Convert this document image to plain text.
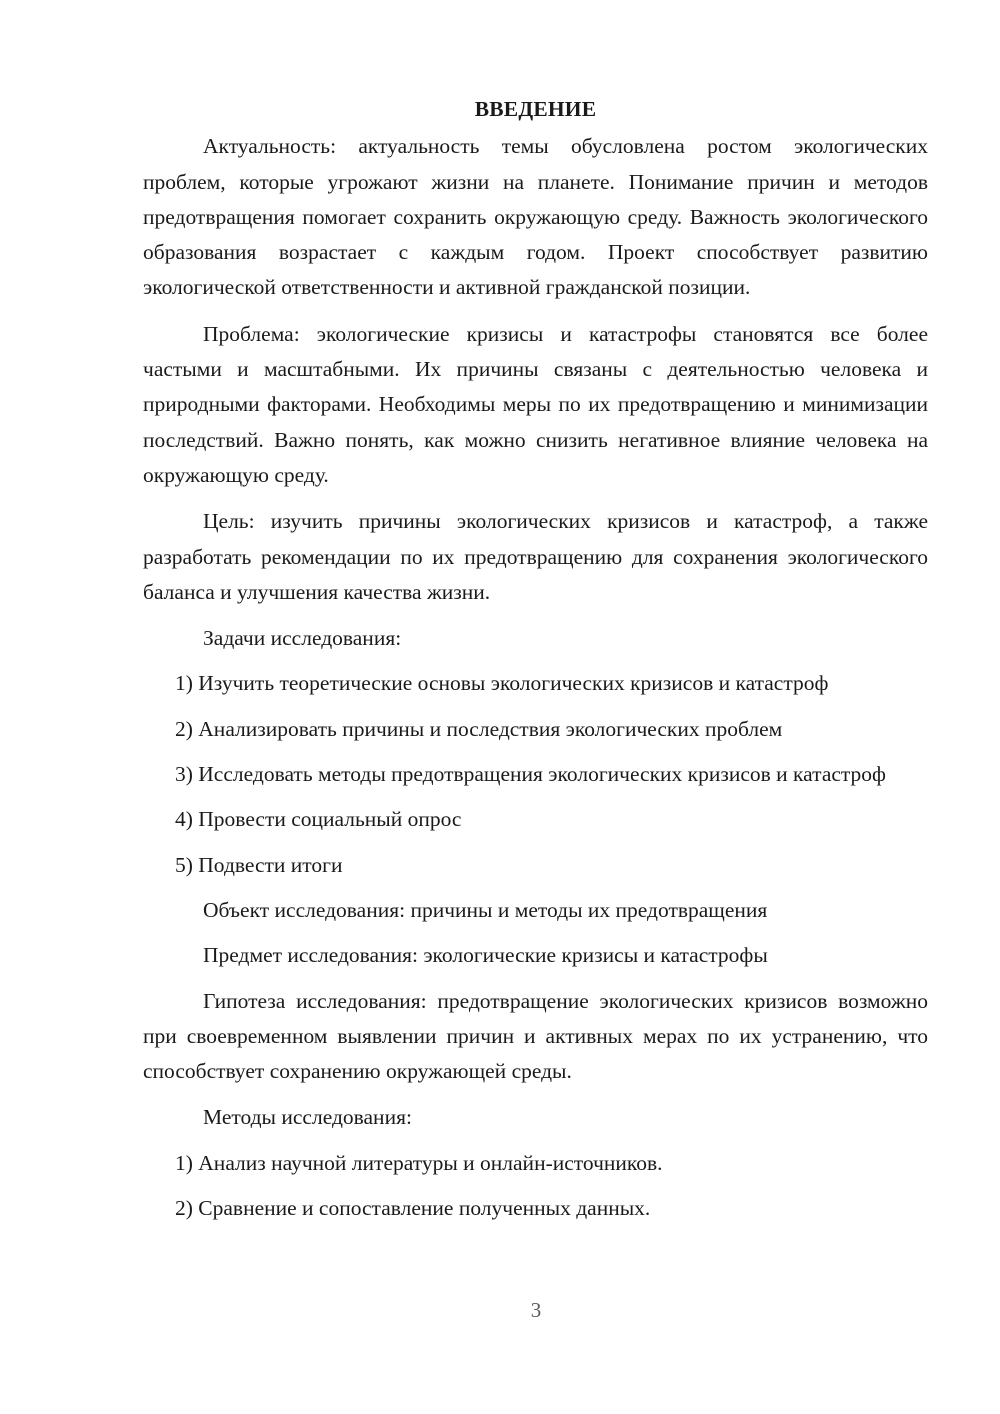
ВВЕДЕНИЕ

Актуальность: актуальность темы обусловлена ростом экологических проблем, которые угрожают жизни на планете. Понимание причин и методов предотвращения помогает сохранить окружающую среду. Важность экологического образования возрастает с каждым годом. Проект способствует развитию экологической ответственности и активной гражданской позиции.

Проблема: экологические кризисы и катастрофы становятся все более частыми и масштабными. Их причины связаны с деятельностью человека и природными факторами. Необходимы меры по их предотвращению и минимизации последствий. Важно понять, как можно снизить негативное влияние человека на окружающую среду.

Цель: изучить причины экологических кризисов и катастроф, а также разработать рекомендации по их предотвращению для сохранения экологического баланса и улучшения качества жизни.

Задачи исследования:

1) Изучить теоретические основы экологических кризисов и катастроф

2) Анализировать причины и последствия экологических проблем

3) Исследовать методы предотвращения экологических кризисов и катастроф

4) Провести социальный опрос

5) Подвести итоги

Объект исследования: причины и методы их предотвращения

Предмет исследования: экологические кризисы и катастрофы

Гипотеза исследования: предотвращение экологических кризисов возможно при своевременном выявлении причин и активных мерах по их устранению, что способствует сохранению окружающей среды.

Методы исследования:

1) Анализ научной литературы и онлайн-источников.

2) Сравнение и сопоставление полученных данных.

3
